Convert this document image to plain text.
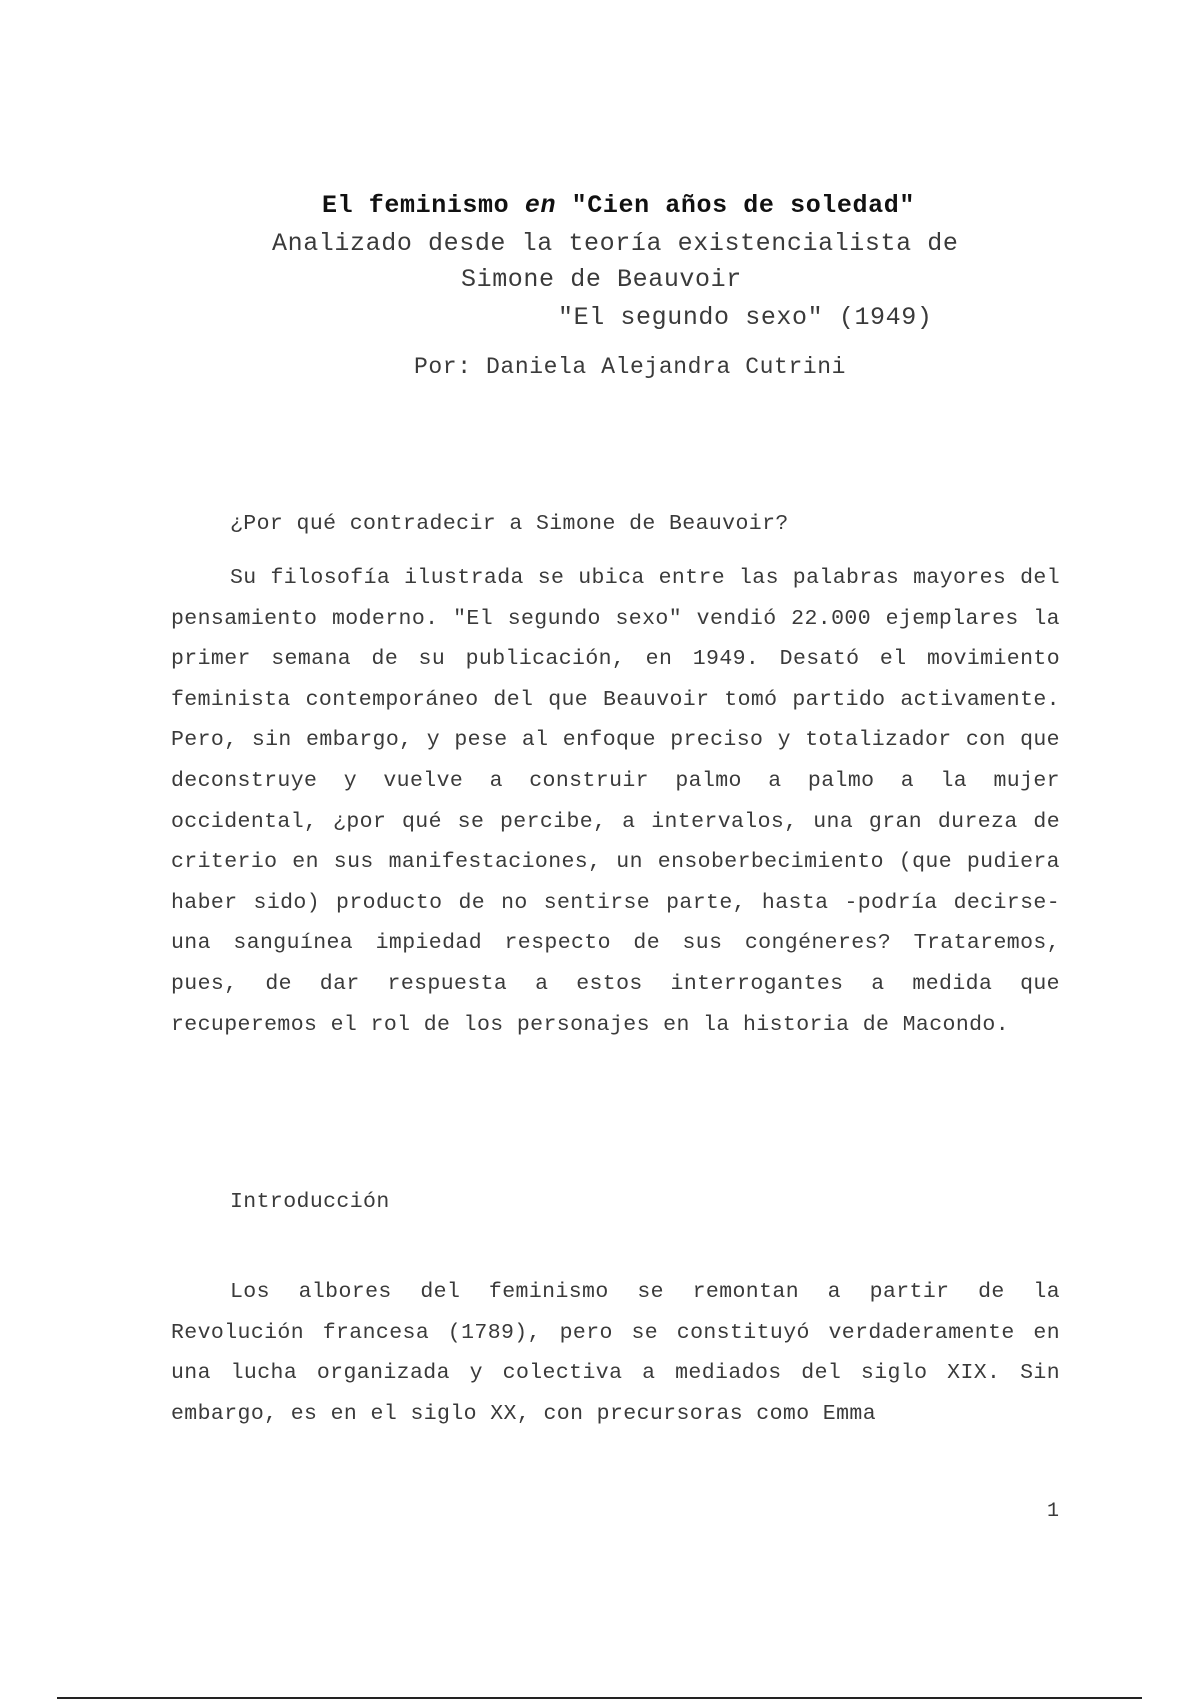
El feminismo en "Cien años de soledad"
Analizado desde la teoría existencialista de
Simone de Beauvoir
"El segundo sexo" (1949)
Por: Daniela Alejandra Cutrini
¿Por qué contradecir a Simone de Beauvoir?

Su filosofía ilustrada se ubica entre las palabras mayores del pensamiento moderno. "El segundo sexo" vendió 22.000 ejemplares la primer semana de su publicación, en 1949. Desató el movimiento feminista contemporáneo del que Beauvoir tomó partido activamente. Pero, sin embargo, y pese al enfoque preciso y totalizador con que deconstruye y vuelve a construir palmo a palmo a la mujer occidental, ¿por qué se percibe, a intervalos, una gran dureza de criterio en sus manifestaciones, un ensoberbecimiento (que pudiera haber sido) producto de no sentirse parte, hasta -podría decirse- una sanguínea impiedad respecto de sus congéneres? Trataremos, pues, de dar respuesta a estos interrogantes a medida que recuperemos el rol de los personajes en la historia de Macondo.

Introducción

Los albores del feminismo se remontan a partir de la Revolución francesa (1789), pero se constituyó verdaderamente en una lucha organizada y colectiva a mediados del siglo XIX. Sin embargo, es en el siglo XX, con precursoras como Emma

1
